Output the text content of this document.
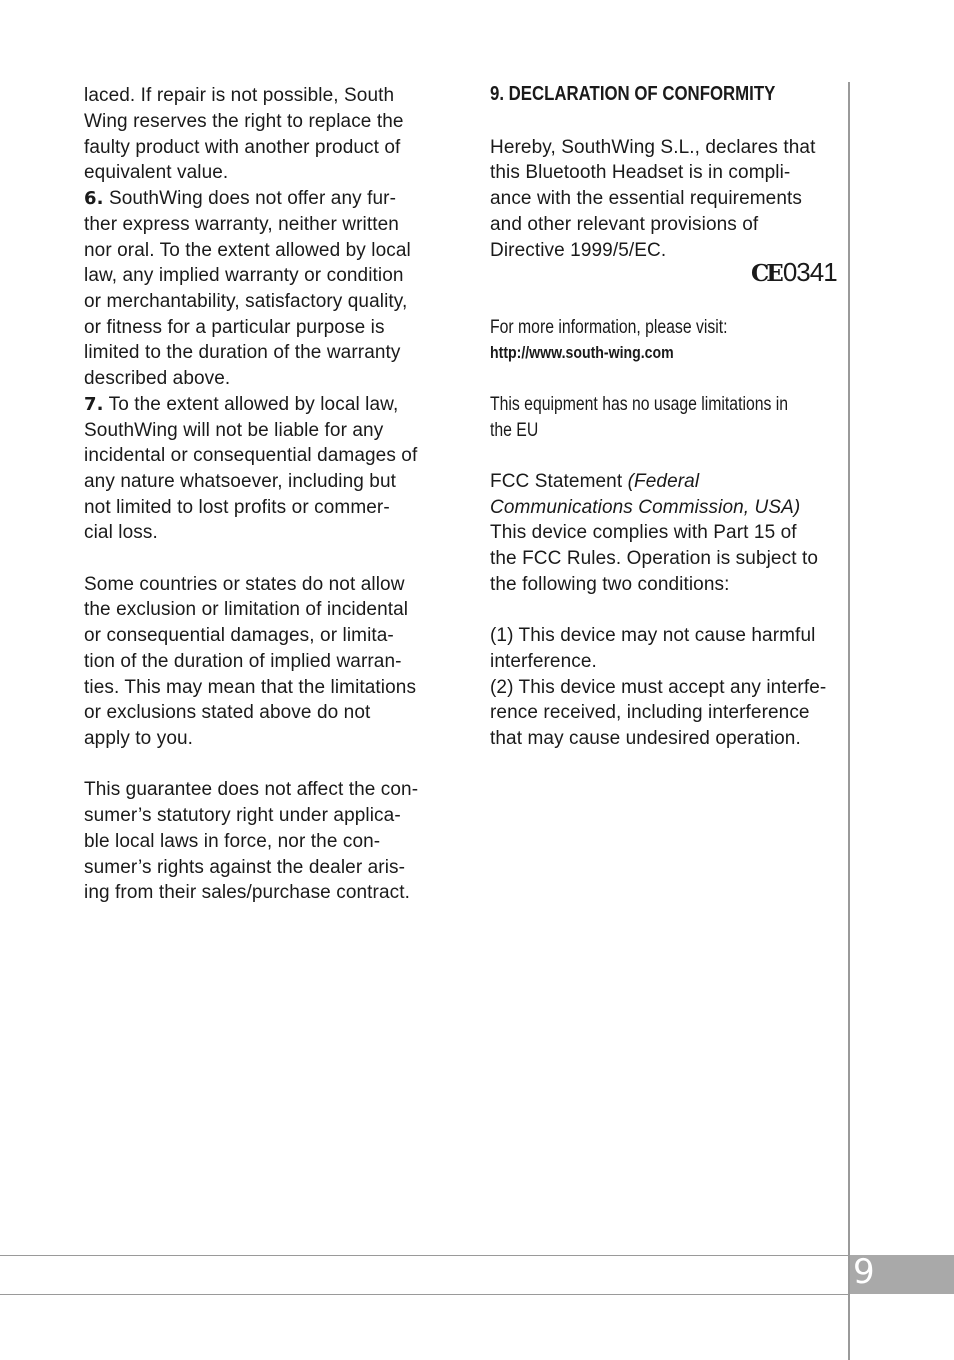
laced. If repair is not possible, South
Wing reserves the right to replace the
faulty product with another product of
equivalent value.
6. SouthWing does not offer any fur-
ther express warranty, neither written
nor oral. To the extent allowed by local
law, any implied warranty or condition
or merchantability, satisfactory quality,
or fitness for a particular purpose is
limited to the duration of the warranty
described above.
7. To the extent allowed by local law,
SouthWing will not be liable for any
incidental or consequential damages of
any nature whatsoever, including but
not limited to lost profits or commer-
cial loss.
Some countries or states do not allow
the exclusion or limitation of incidental
or consequential damages, or limita-
tion of the duration of implied warran-
ties. This may mean that the limitations
or exclusions stated above do not
apply to you.
This guarantee does not affect the con-
sumer’s statutory right under applica-
ble local laws in force, nor the con-
sumer’s rights against the dealer aris-
ing from their sales/purchase contract.
9. DECLARATION OF CONFORMITY
Hereby, SouthWing S.L., declares that
this Bluetooth Headset is in compli-
ance with the essential requirements
and other relevant provisions of
Directive 1999/5/EC.
CE0341
For more information, please visit:
http://www.south-wing.com
This equipment has no usage limitations in
the EU
FCC Statement (Federal
Communications Commission, USA)
This device complies with Part 15 of
the FCC Rules. Operation is subject to
the following two conditions:
(1) This device may not cause harmful
interference.
(2) This device must accept any interfe-
rence received, including interference
that may cause undesired operation.
9
